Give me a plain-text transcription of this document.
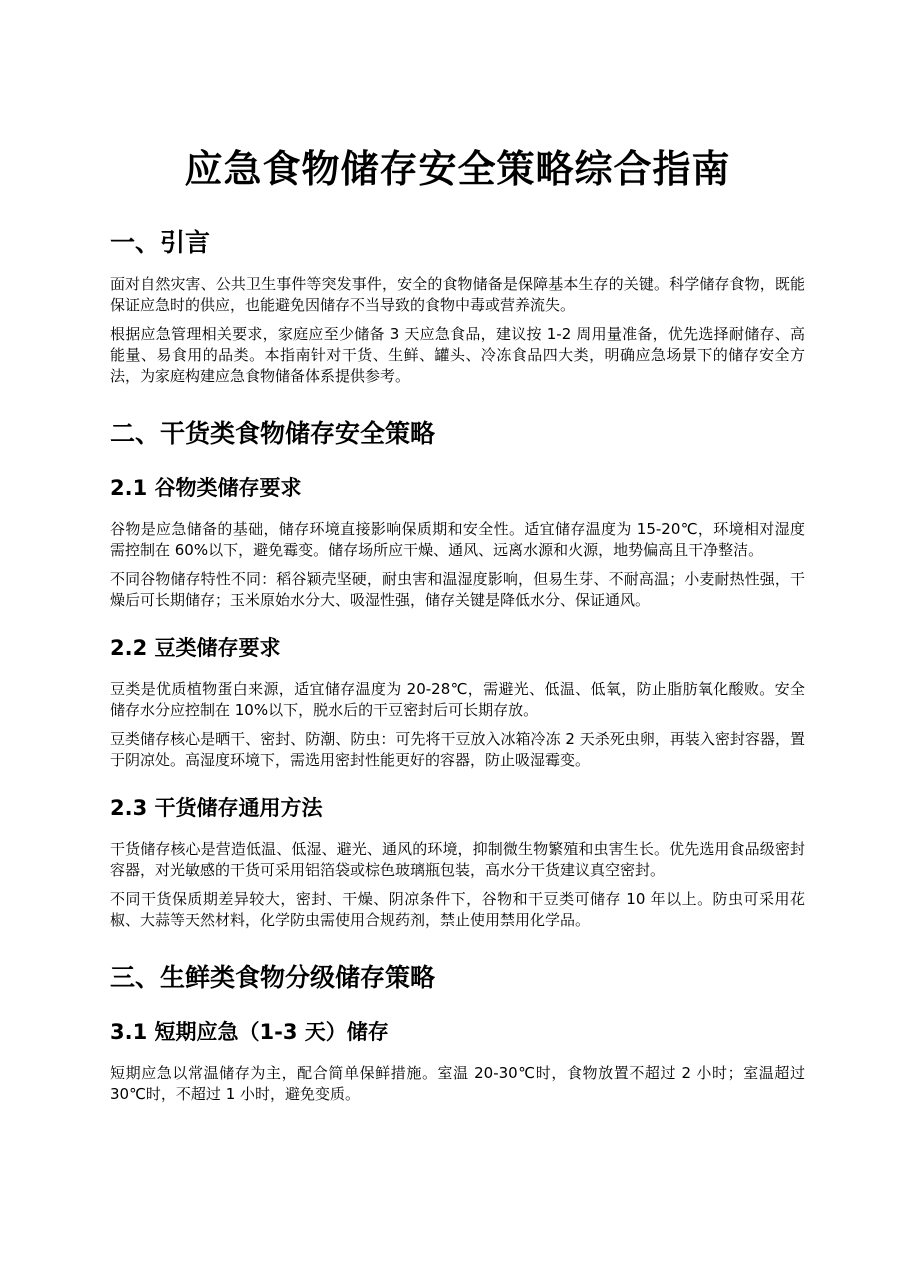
应急食物储存安全策略综合指南
一、引言

面对自然灾害、公共卫生事件等突发事件，安全的食物储备是保障基本生存的关键。科学储存食物，既能保证应急时的供应，也能避免因储存不当导致的食物中毒或营养流失。

根据应急管理相关要求，家庭应至少储备 3 天应急食品，建议按 1-2 周用量准备，优先选择耐储存、高能量、易食用的品类。本指南针对干货、生鲜、罐头、冷冻食品四大类，明确应急场景下的储存安全方法，为家庭构建应急食物储备体系提供参考。

二、干货类食物储存安全策略
2.1 谷物类储存要求

谷物是应急储备的基础，储存环境直接影响保质期和安全性。适宜储存温度为 15-20℃，环境相对湿度需控制在 60%以下，避免霉变。储存场所应干燥、通风、远离水源和火源，地势偏高且干净整洁。

不同谷物储存特性不同：稻谷颖壳坚硬，耐虫害和温湿度影响，但易生芽、不耐高温；小麦耐热性强，干燥后可长期储存；玉米原始水分大、吸湿性强，储存关键是降低水分、保证通风。

2.2 豆类储存要求

豆类是优质植物蛋白来源，适宜储存温度为 20-28℃，需避光、低温、低氧，防止脂肪氧化酸败。安全储存水分应控制在 10%以下，脱水后的干豆密封后可长期存放。

豆类储存核心是晒干、密封、防潮、防虫：可先将干豆放入冰箱冷冻 2 天杀死虫卵，再装入密封容器，置于阴凉处。高湿度环境下，需选用密封性能更好的容器，防止吸湿霉变。

2.3 干货储存通用方法

干货储存核心是营造低温、低湿、避光、通风的环境，抑制微生物繁殖和虫害生长。优先选用食品级密封容器，对光敏感的干货可采用铝箔袋或棕色玻璃瓶包装，高水分干货建议真空密封。

不同干货保质期差异较大，密封、干燥、阴凉条件下，谷物和干豆类可储存 10 年以上。防虫可采用花椒、大蒜等天然材料，化学防虫需使用合规药剂，禁止使用禁用化学品。

三、生鲜类食物分级储存策略
3.1 短期应急（1-3 天）储存

短期应急以常温储存为主，配合简单保鲜措施。室温 20-30℃时，食物放置不超过 2 小时；室温超过 30℃时，不超过 1 小时，避免变质。
